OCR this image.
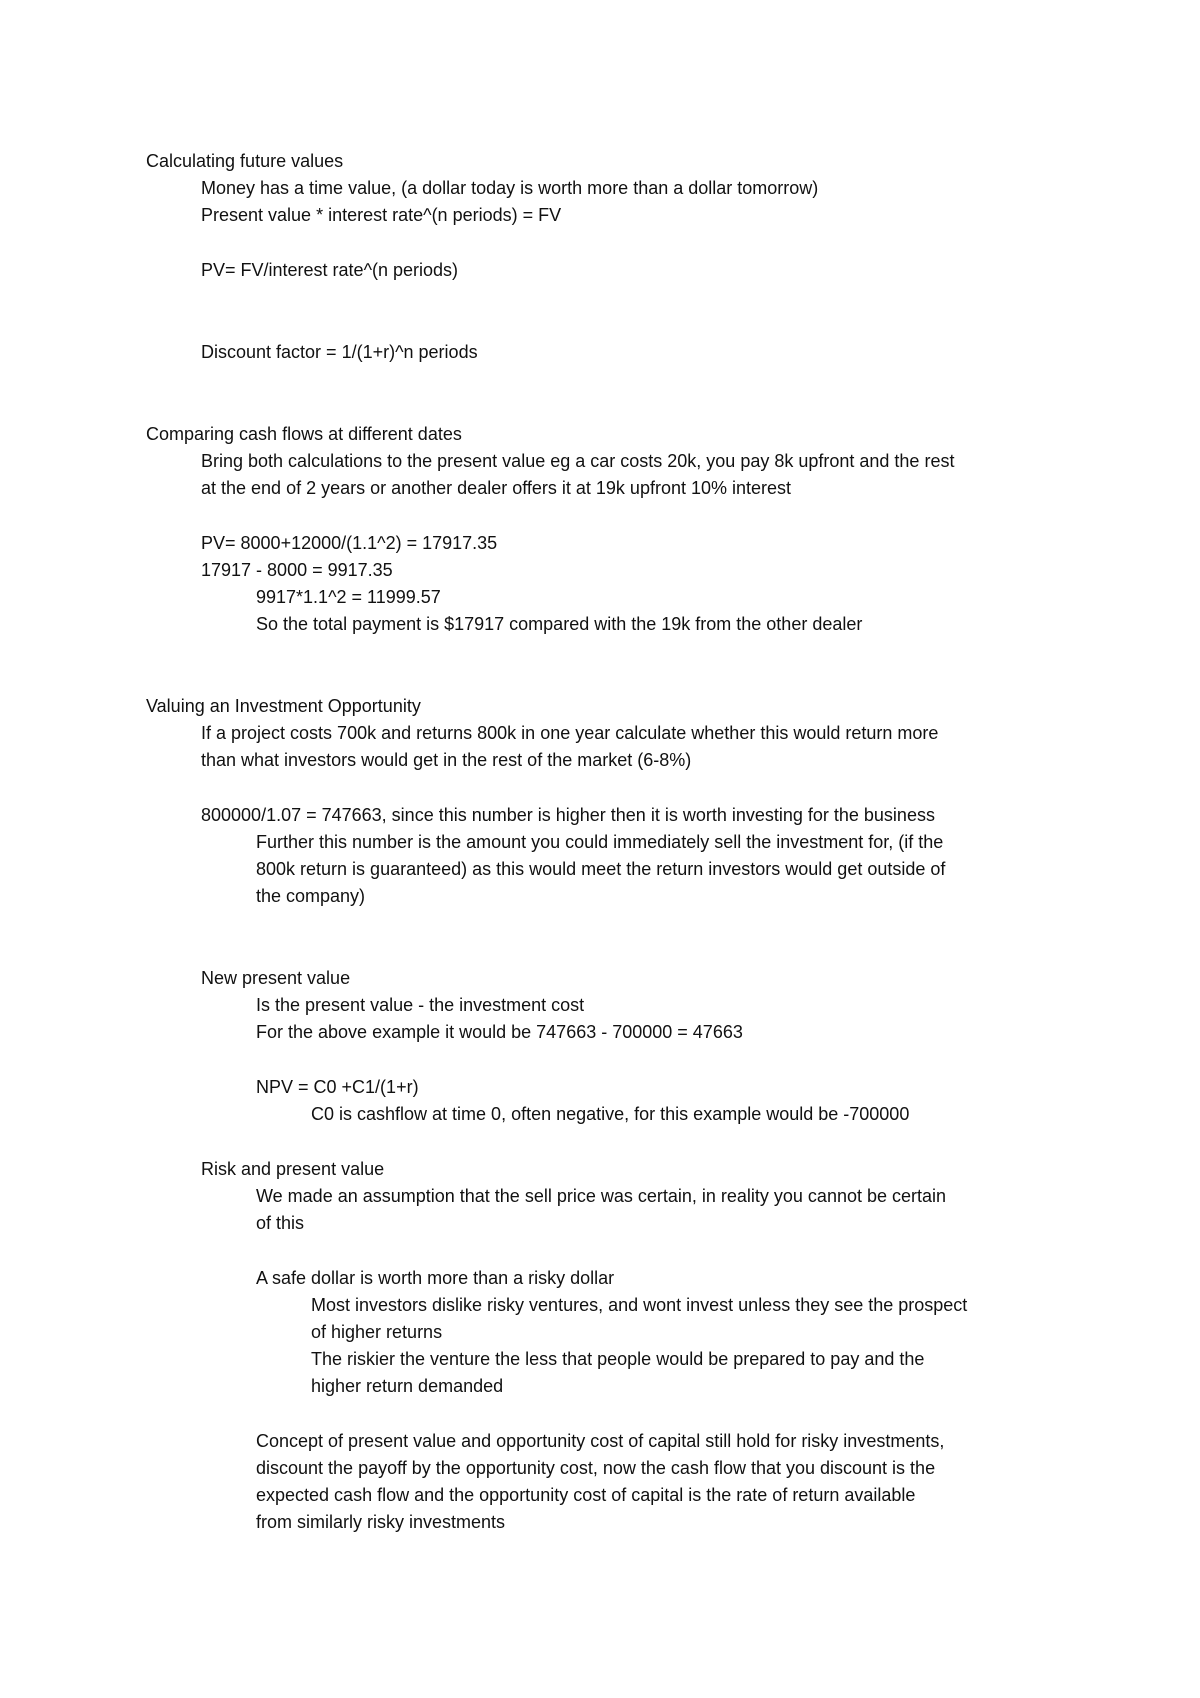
Calculating future values
Money has a time value, (a dollar today is worth more than a dollar tomorrow)
Present value * interest rate^(n periods) = FV
PV= FV/interest rate^(n periods)
Discount factor = 1/(1+r)^n periods
Comparing cash flows at different dates
Bring both calculations to the present value eg a car costs 20k, you pay 8k upfront and the rest
at the end of 2 years or another dealer offers it at 19k upfront 10% interest
PV= 8000+12000/(1.1^2) = 17917.35
17917 - 8000 = 9917.35
9917*1.1^2 = 11999.57
So the total payment is $17917 compared with the 19k from the other dealer
Valuing an Investment Opportunity
If a project costs 700k and returns 800k in one year calculate whether this would return more
than what investors would get in the rest of the market (6-8%)
800000/1.07 = 747663, since this number is higher then it is worth investing for the business
Further this number is the amount you could immediately sell the investment for, (if the
800k return is guaranteed) as this would meet the return investors would get outside of
the company)
New present value
Is the present value - the investment cost
For the above example it would be 747663 - 700000 = 47663
NPV = C0 +C1/(1+r)
C0 is cashflow at time 0, often negative, for this example would be -700000
Risk and present value
We made an assumption that the sell price was certain, in reality you cannot be certain
of this
A safe dollar is worth more than a risky dollar
Most investors dislike risky ventures, and wont invest unless they see the prospect
of higher returns
The riskier the venture the less that people would be prepared to pay and the
higher return demanded
Concept of present value and opportunity cost of capital still hold for risky investments,
discount the payoff by the opportunity cost, now the cash flow that you discount is the
expected cash flow and the opportunity cost of capital is the rate of return available
from similarly risky investments
